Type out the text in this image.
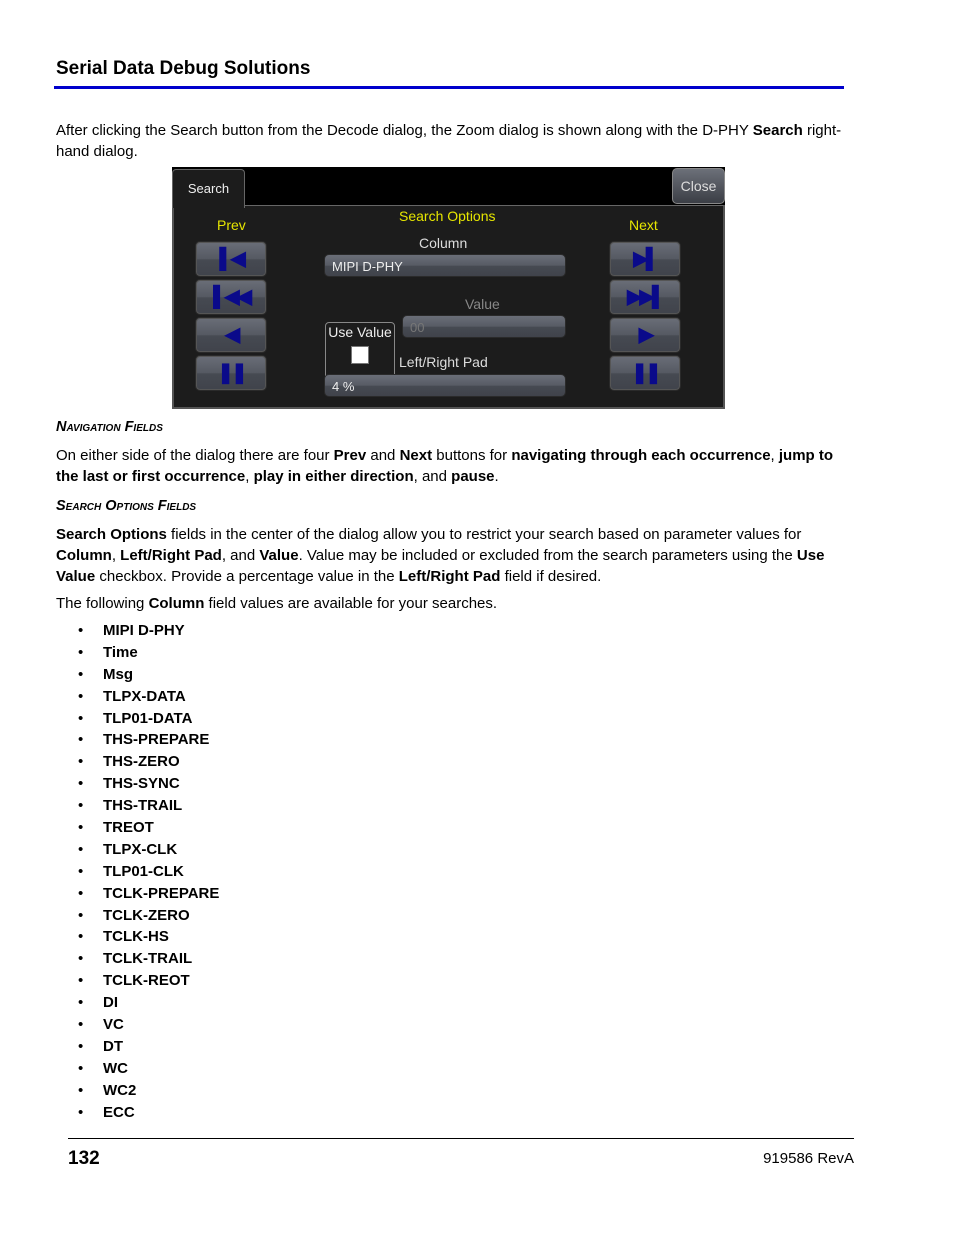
Serial Data Debug Solutions
After clicking the Search button from the Decode dialog, the Zoom dialog is shown along with the D-PHY Search right-hand dialog.
Search	Close
Prev
Search Options
Next
▌◀
▌◀◀
◀
❚❚
▶▌
▶▶▌
▶
❚❚
Column
MIPI D-PHY
Use Value
Value
00
Left/Right Pad
4 %
Navigation Fields
On either side of the dialog there are four Prev and Next buttons for navigating through each occurrence, jump to the last or first occurrence, play in either direction, and pause.
Search Options Fields
Search Options fields in the center of the dialog allow you to restrict your search based on parameter values for Column, Left/Right Pad, and Value. Value may be included or excluded from the search parameters using the Use Value checkbox. Provide a percentage value in the Left/Right Pad field if desired.
The following Column field values are available for your searches.
• MIPI D-PHY
• Time
• Msg
• TLPX-DATA
• TLP01-DATA
• THS-PREPARE
• THS-ZERO
• THS-SYNC
• THS-TRAIL
• TREOT
• TLPX-CLK
• TLP01-CLK
• TCLK-PREPARE
• TCLK-ZERO
• TCLK-HS
• TCLK-TRAIL
• TCLK-REOT
• DI
• VC
• DT
• WC
• WC2
• ECC
132	919586 RevA
